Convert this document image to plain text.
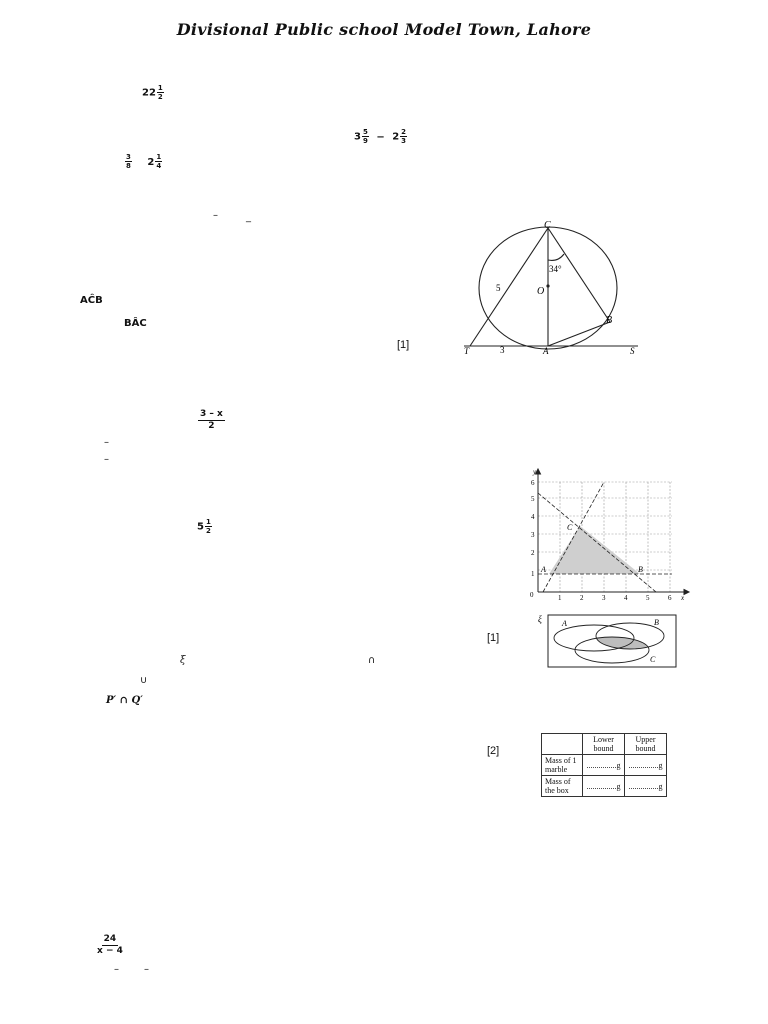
Divisional Public school Model Town, Lahore
$22 \frac{1}{2}$
$3 \frac{5}{9} - 2 \frac{2}{3}$
$\frac{3}{8} 2 \frac{1}{4}$
–	_
C
O
B
T	A	S
34°
5
3
AĈB
BÂC
[1]
$\frac{3 - x}{2}$
–
–
$5 \frac{1}{2}$
y
x
0	1	2	3	4	5	6
1
2
3
4
5
6
A	B
C
ξ	A	B
C
[1]
ξ	∩
∪
P′ ∩ Q′
[2]
	Lower bound	Upper bound
Mass of 1 marble	...............g	...............g
Mass of the box	...............g	...............g
$\frac{24}{x - 4}$
–	–
